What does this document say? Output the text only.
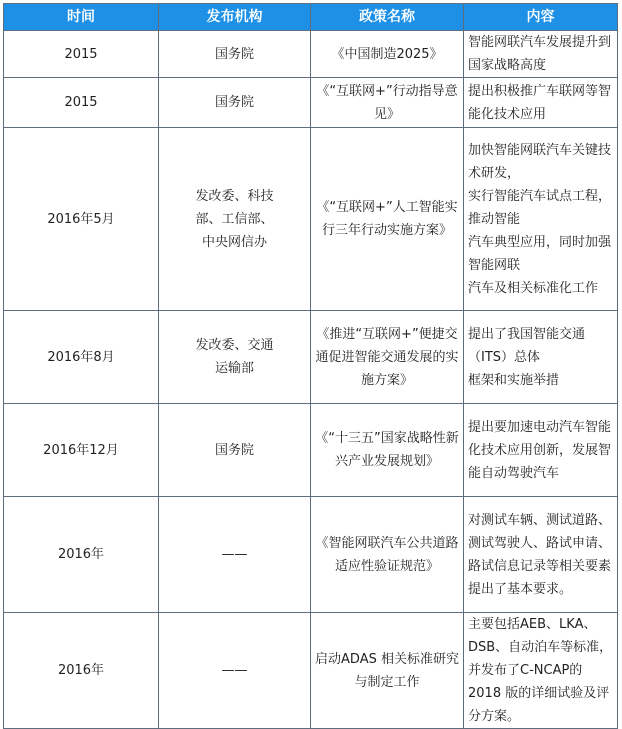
时间	发布机构	政策名称	内容
2015	国务院	《中国制造2025》	智能网联汽车发展提升到国家战略高度
2015	国务院	《“互联网+”行动指导意见》	提出积极推广车联网等智能化技术应用
2016年5月	发改委、科技
部、工信部、
中央网信办	《“互联网+”人工智能实行三年行动实施方案》	加快智能网联汽车关键技术研发，
实行智能汽车试点工程，推动智能
汽车典型应用，同时加强智能网联
汽车及相关标准化工作
2016年8月	发改委、交通
运输部	《推进“互联网+”便捷交通促进智能交通发展的实施方案》	提出了我国智能交通（ITS）总体
框架和实施举措
2016年12月	国务院	《“十三五”国家战略性新兴产业发展规划》	提出要加速电动汽车智能化技术应用创新，发展智能自动驾驶汽车
2016年	——	《智能网联汽车公共道路适应性验证规范》	对测试车辆、测试道路、测试驾驶人、路试申请、路试信息记录等相关要素提出了基本要求。
2016年	——	启动ADAS 相关标准研究与制定工作	主要包括AEB、LKA、DSB、自动泊车等标准，并发布了C-NCAP的2018 版的详细试验及评分方案。
